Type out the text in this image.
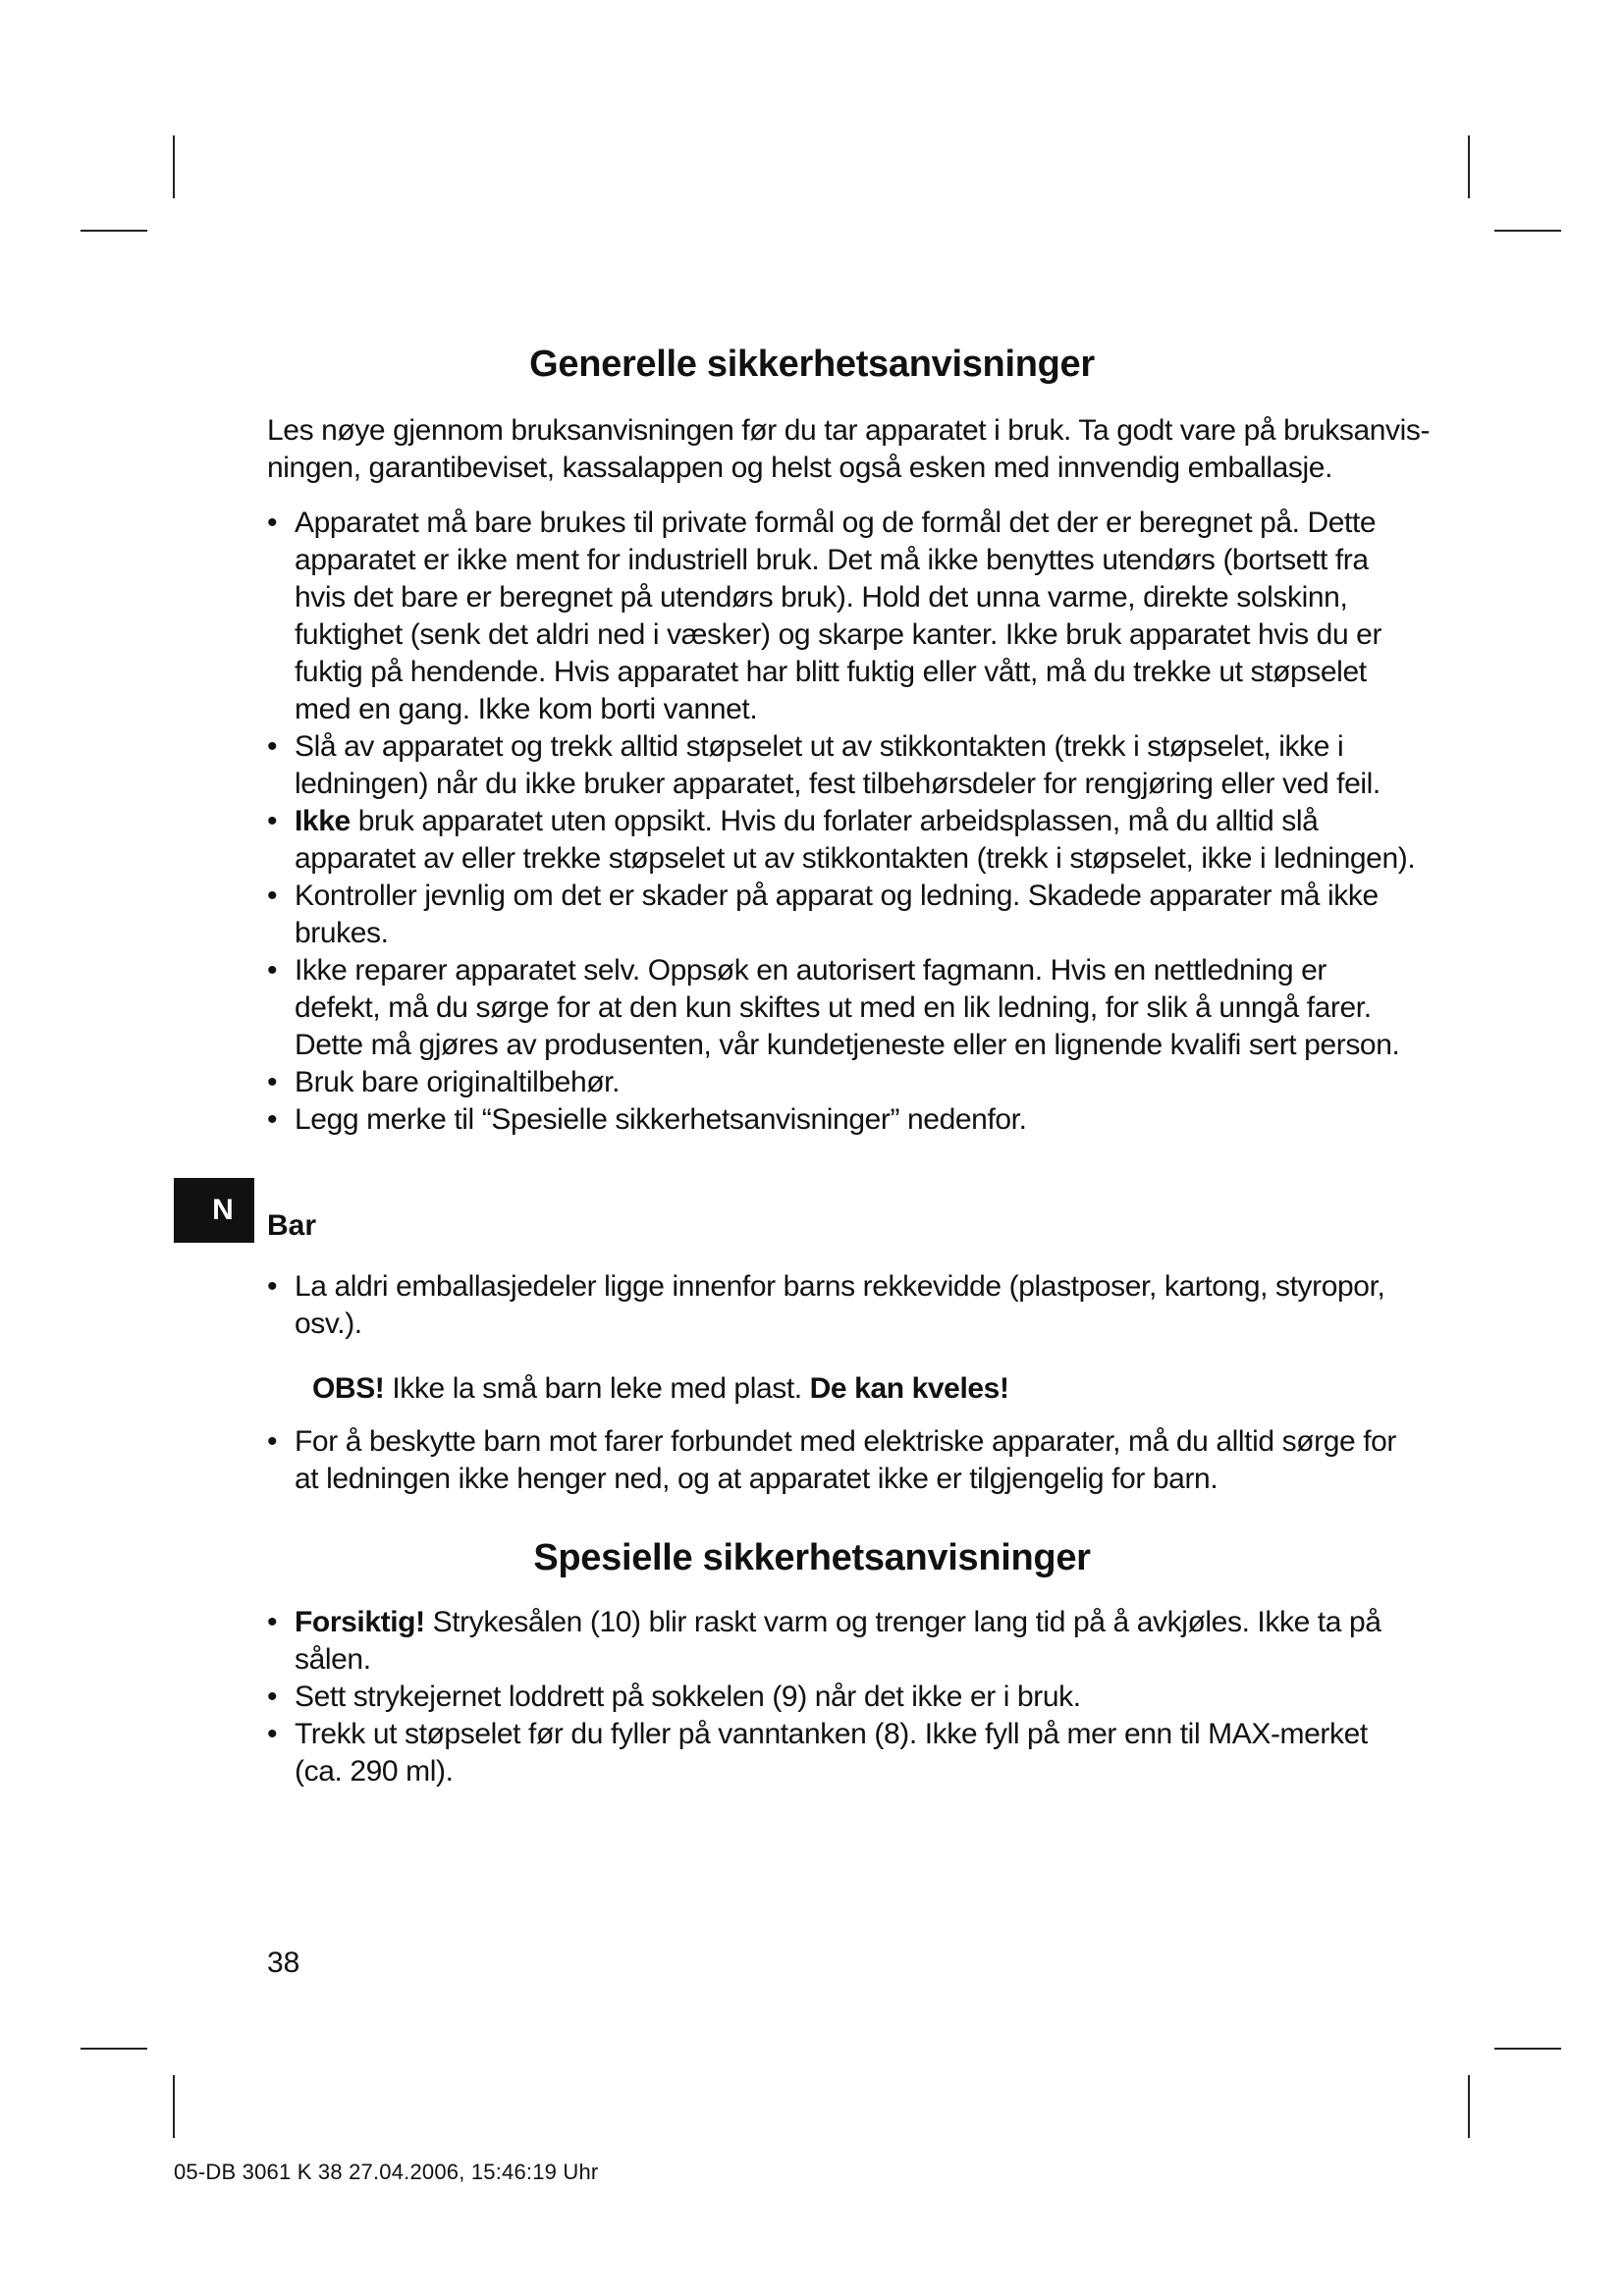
Generelle sikkerhetsanvisninger
Les nøye gjennom bruksanvisningen før du tar apparatet i bruk. Ta godt vare på bruksanvis-
ningen, garantibeviset, kassalappen og helst også esken med innvendig emballasje.
• Apparatet må bare brukes til private formål og de formål det der er beregnet på. Dette
apparatet er ikke ment for industriell bruk. Det må ikke benyttes utendørs (bortsett fra
hvis det bare er beregnet på utendørs bruk). Hold det unna varme, direkte solskinn,
fuktighet (senk det aldri ned i væsker) og skarpe kanter. Ikke bruk apparatet hvis du er
fuktig på hendende. Hvis apparatet har blitt fuktig eller vått, må du trekke ut støpselet
med en gang. Ikke kom borti vannet.
• Slå av apparatet og trekk alltid støpselet ut av stikkontakten (trekk i støpselet, ikke i
ledningen) når du ikke bruker apparatet, fest tilbehørsdeler for rengjøring eller ved feil.
• Ikke bruk apparatet uten oppsikt. Hvis du forlater arbeidsplassen, må du alltid slå
apparatet av eller trekke støpselet ut av stikkontakten (trekk i støpselet, ikke i ledningen).
• Kontroller jevnlig om det er skader på apparat og ledning. Skadede apparater må ikke
brukes.
• Ikke reparer apparatet selv. Oppsøk en autorisert fagmann. Hvis en nettledning er
defekt, må du sørge for at den kun skiftes ut med en lik ledning, for slik å unngå farer.
Dette må gjøres av produsenten, vår kundetjeneste eller en lignende kvalifi sert person.
• Bruk bare originaltilbehør.
• Legg merke til “Spesielle sikkerhetsanvisninger” nedenfor.
N	Bar
• La aldri emballasjedeler ligge innenfor barns rekkevidde (plastposer, kartong, styropor,
osv.).
OBS! Ikke la små barn leke med plast. De kan kveles!
• For å beskytte barn mot farer forbundet med elektriske apparater, må du alltid sørge for
at ledningen ikke henger ned, og at apparatet ikke er tilgjengelig for barn.
Spesielle sikkerhetsanvisninger
• Forsiktig! Strykesålen (10) blir raskt varm og trenger lang tid på å avkjøles. Ikke ta på
sålen.
• Sett strykejernet loddrett på sokkelen (9) når det ikke er i bruk.
• Trekk ut støpselet før du fyller på vanntanken (8). Ikke fyll på mer enn til MAX-merket
(ca. 290 ml).
38
05-DB 3061 K 38 27.04.2006, 15:46:19 Uhr
